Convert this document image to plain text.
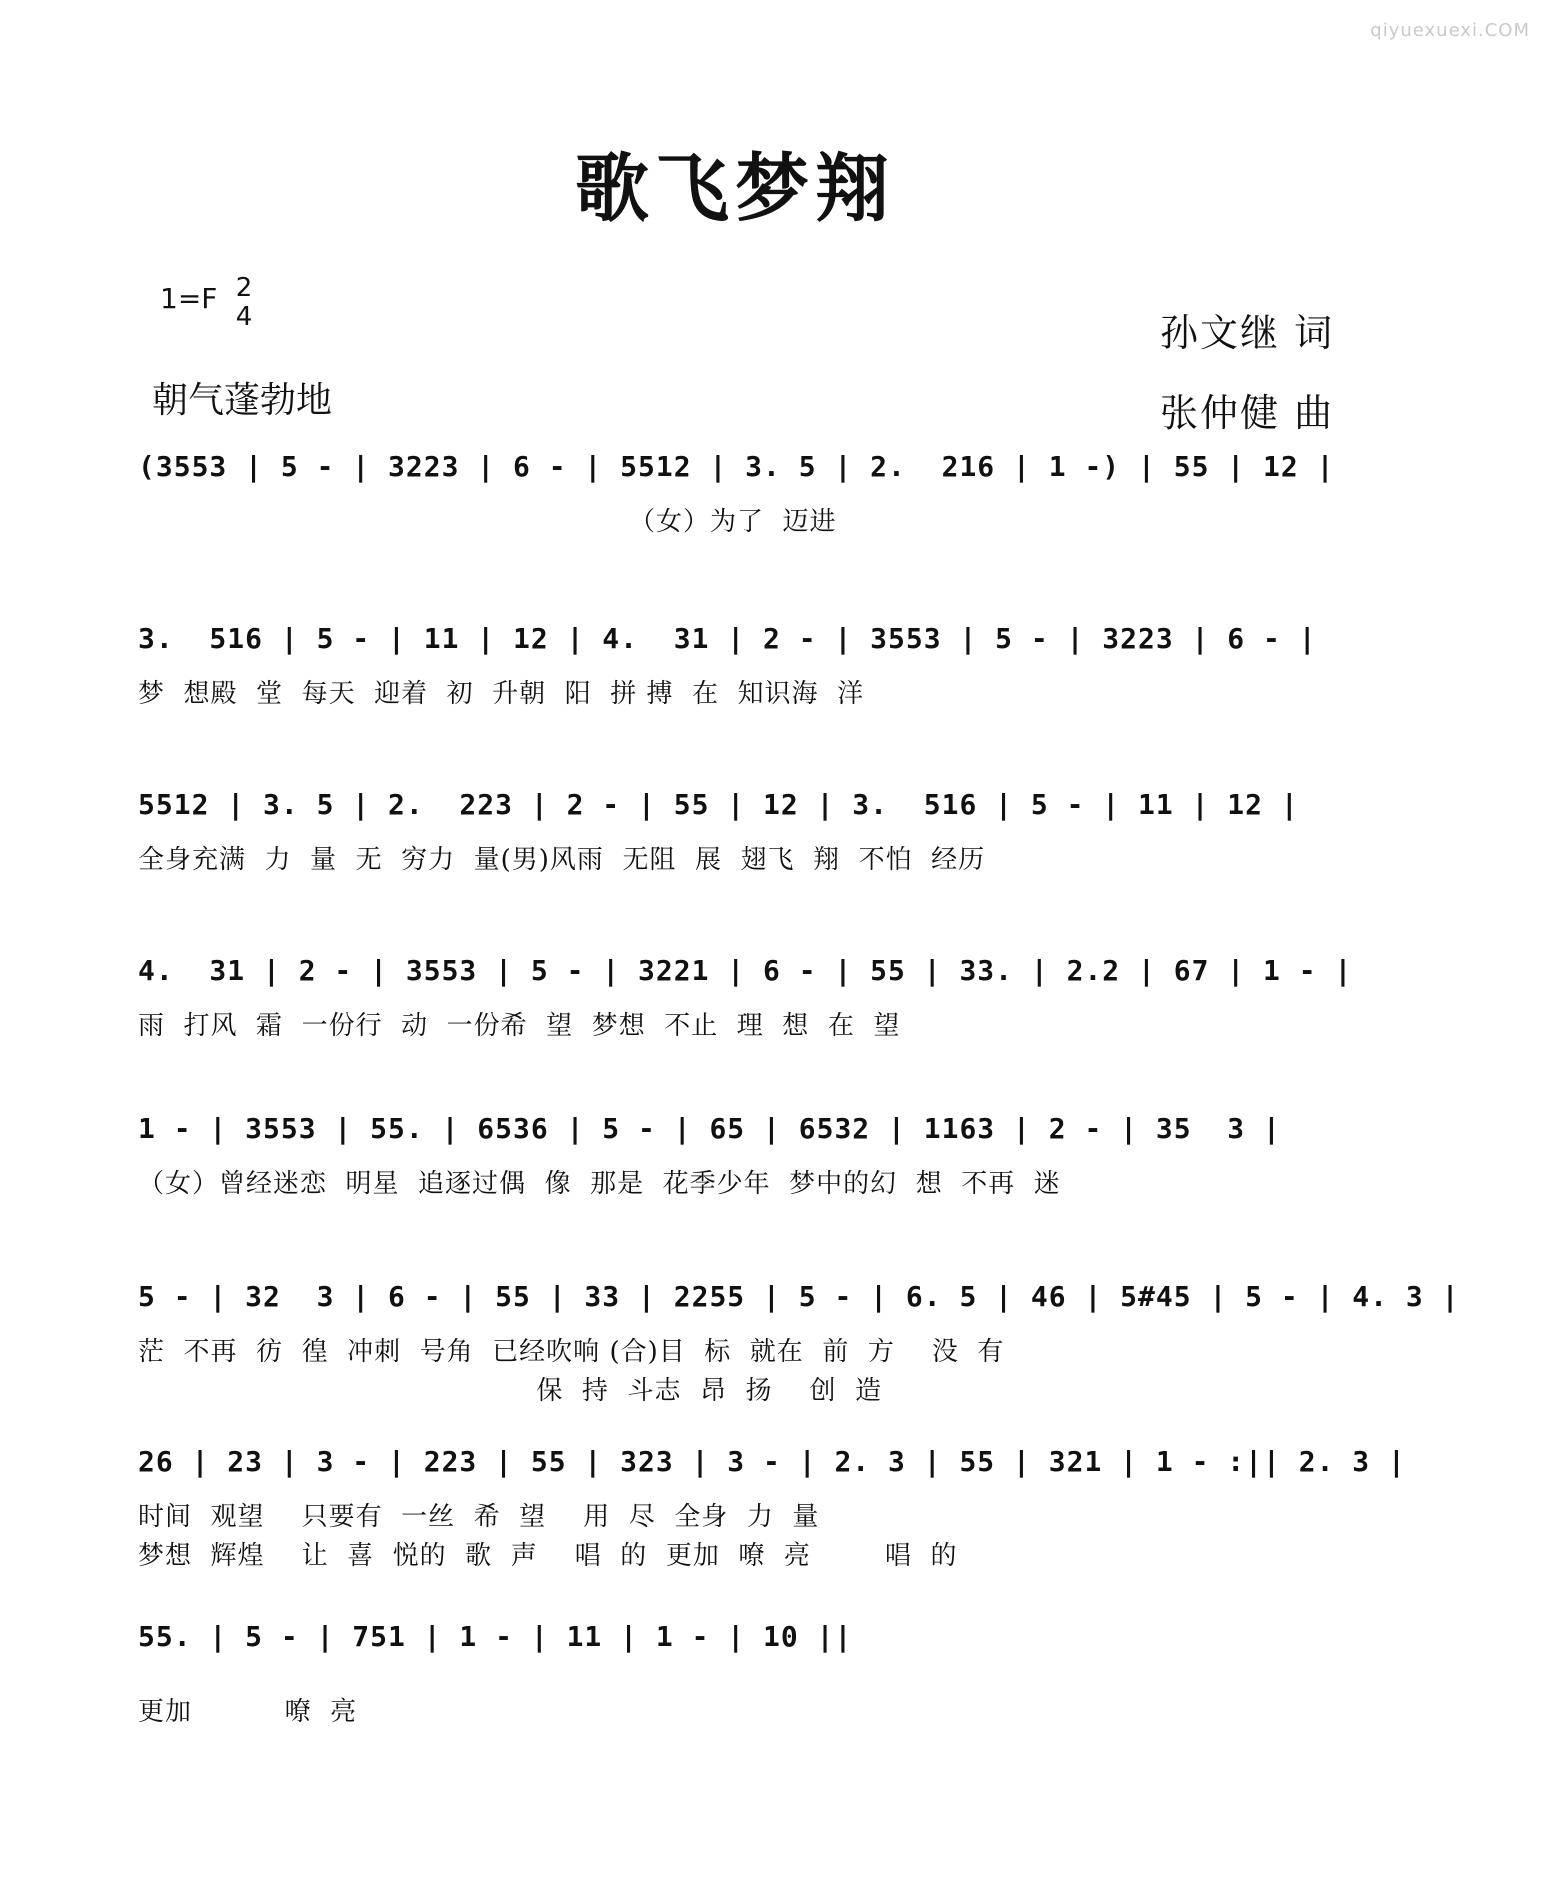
qiyuexuexi.COM
歌飞梦翔
1=F 2
4
朝气蓬勃地
孙文继 词
张仲健 曲
(3553 | 5 - | 3223 | 6 - | 5512 | 3. 5 | 2.  216 | 1 -) | 55 | 12 |
（女）为了  迈进
3.  516 | 5 - | 11 | 12 | 4.  31 | 2 - | 3553 | 5 - | 3223 | 6 - |
梦  想殿  堂  每天  迎着  初  升朝  阳  拼 搏  在  知识海  洋
5512 | 3. 5 | 2.  223 | 2 - | 55 | 12 | 3.  516 | 5 - | 11 | 12 |
全身充满  力  量  无  穷力  量(男)风雨  无阻  展  翅飞  翔  不怕  经历
4.  31 | 2 - | 3553 | 5 - | 3221 | 6 - | 55 | 33. | 2.2 | 67 | 1 - |
雨  打风  霜  一份行  动  一份希  望  梦想  不止  理  想  在  望
1 - | 3553 | 55. | 6536 | 5 - | 65 | 6532 | 1163 | 2 - | 35  3 |
（女）曾经迷恋  明星  追逐过偶  像  那是  花季少年  梦中的幻  想  不再  迷
5 - | 32  3 | 6 - | 55 | 33 | 2255 | 5 - | 6. 5 | 46 | 5#45 | 5 - | 4. 3 |
茫  不再  彷  徨  冲刺  号角  已经吹响 (合)目  标  就在  前  方    没  有
保  持  斗志  昂  扬    创  造
26 | 23 | 3 - | 223 | 55 | 323 | 3 - | 2. 3 | 55 | 321 | 1 - :|| 2. 3 |
时间  观望    只要有  一丝  希  望    用  尽  全身  力  量
梦想  辉煌    让  喜  悦的  歌  声    唱  的  更加  嘹  亮        唱  的
55. | 5 - | 751 | 1 - | 11 | 1 - | 10 ||
更加          嘹  亮
